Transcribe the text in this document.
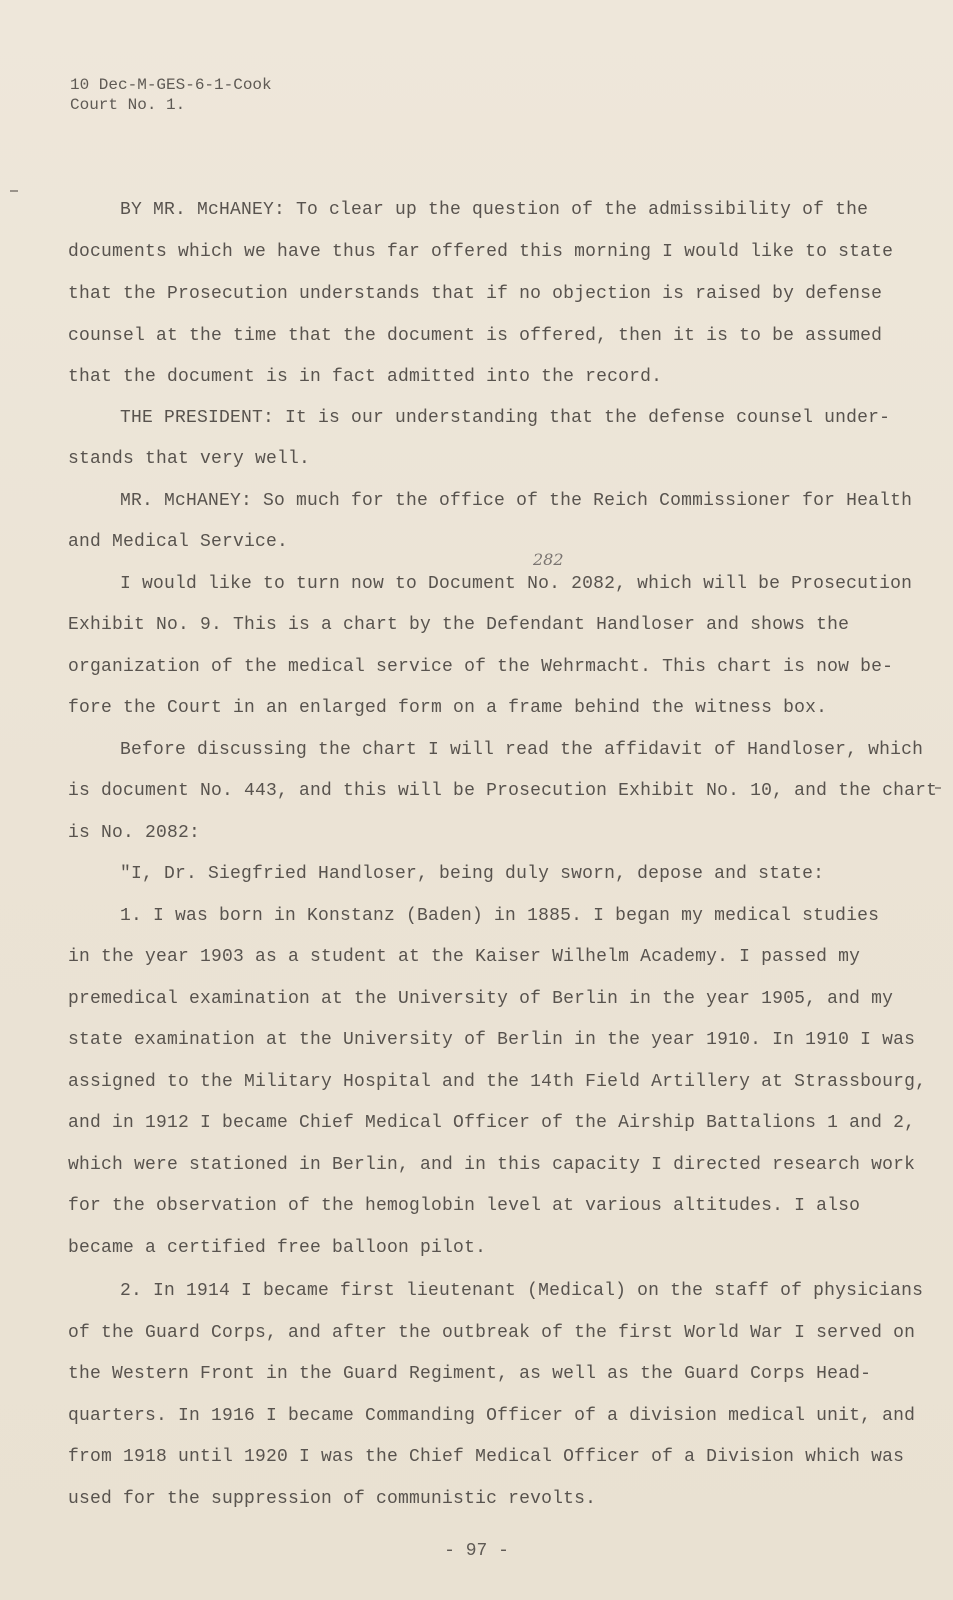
10 Dec-M-GES-6-1-Cook
Court No. 1.
282
BY MR. McHANEY: To clear up the question of the admissibility of the
documents which we have thus far offered this morning I would like to state
that the Prosecution understands that if no objection is raised by defense
counsel at the time that the document is offered, then it is to be assumed
that the document is in fact admitted into the record.
THE PRESIDENT: It is our understanding that the defense counsel under-
stands that very well.
MR. McHANEY: So much for the office of the Reich Commissioner for Health
and Medical Service.
I would like to turn now to Document No. 2082, which will be Prosecution
Exhibit No. 9. This is a chart by the Defendant Handloser and shows the
organization of the medical service of the Wehrmacht. This chart is now be-
fore the Court in an enlarged form on a frame behind the witness box.
Before discussing the chart I will read the affidavit of Handloser, which
is document No. 443, and this will be Prosecution Exhibit No. 10, and the chart
is No. 2082:
"I, Dr. Siegfried Handloser, being duly sworn, depose and state:
1. I was born in Konstanz (Baden) in 1885. I began my medical studies
in the year 1903 as a student at the Kaiser Wilhelm Academy. I passed my
premedical examination at the University of Berlin in the year 1905, and my
state examination at the University of Berlin in the year 1910. In 1910 I was
assigned to the Military Hospital and the 14th Field Artillery at Strassbourg,
and in 1912 I became Chief Medical Officer of the Airship Battalions 1 and 2,
which were stationed in Berlin, and in this capacity I directed research work
for the observation of the hemoglobin level at various altitudes. I also
became a certified free balloon pilot.
2. In 1914 I became first lieutenant (Medical) on the staff of physicians
of the Guard Corps, and after the outbreak of the first World War I served on
the Western Front in the Guard Regiment, as well as the Guard Corps Head-
quarters. In 1916 I became Commanding Officer of a division medical unit, and
from 1918 until 1920 I was the Chief Medical Officer of a Division which was
used for the suppression of communistic revolts.
- 97 -
